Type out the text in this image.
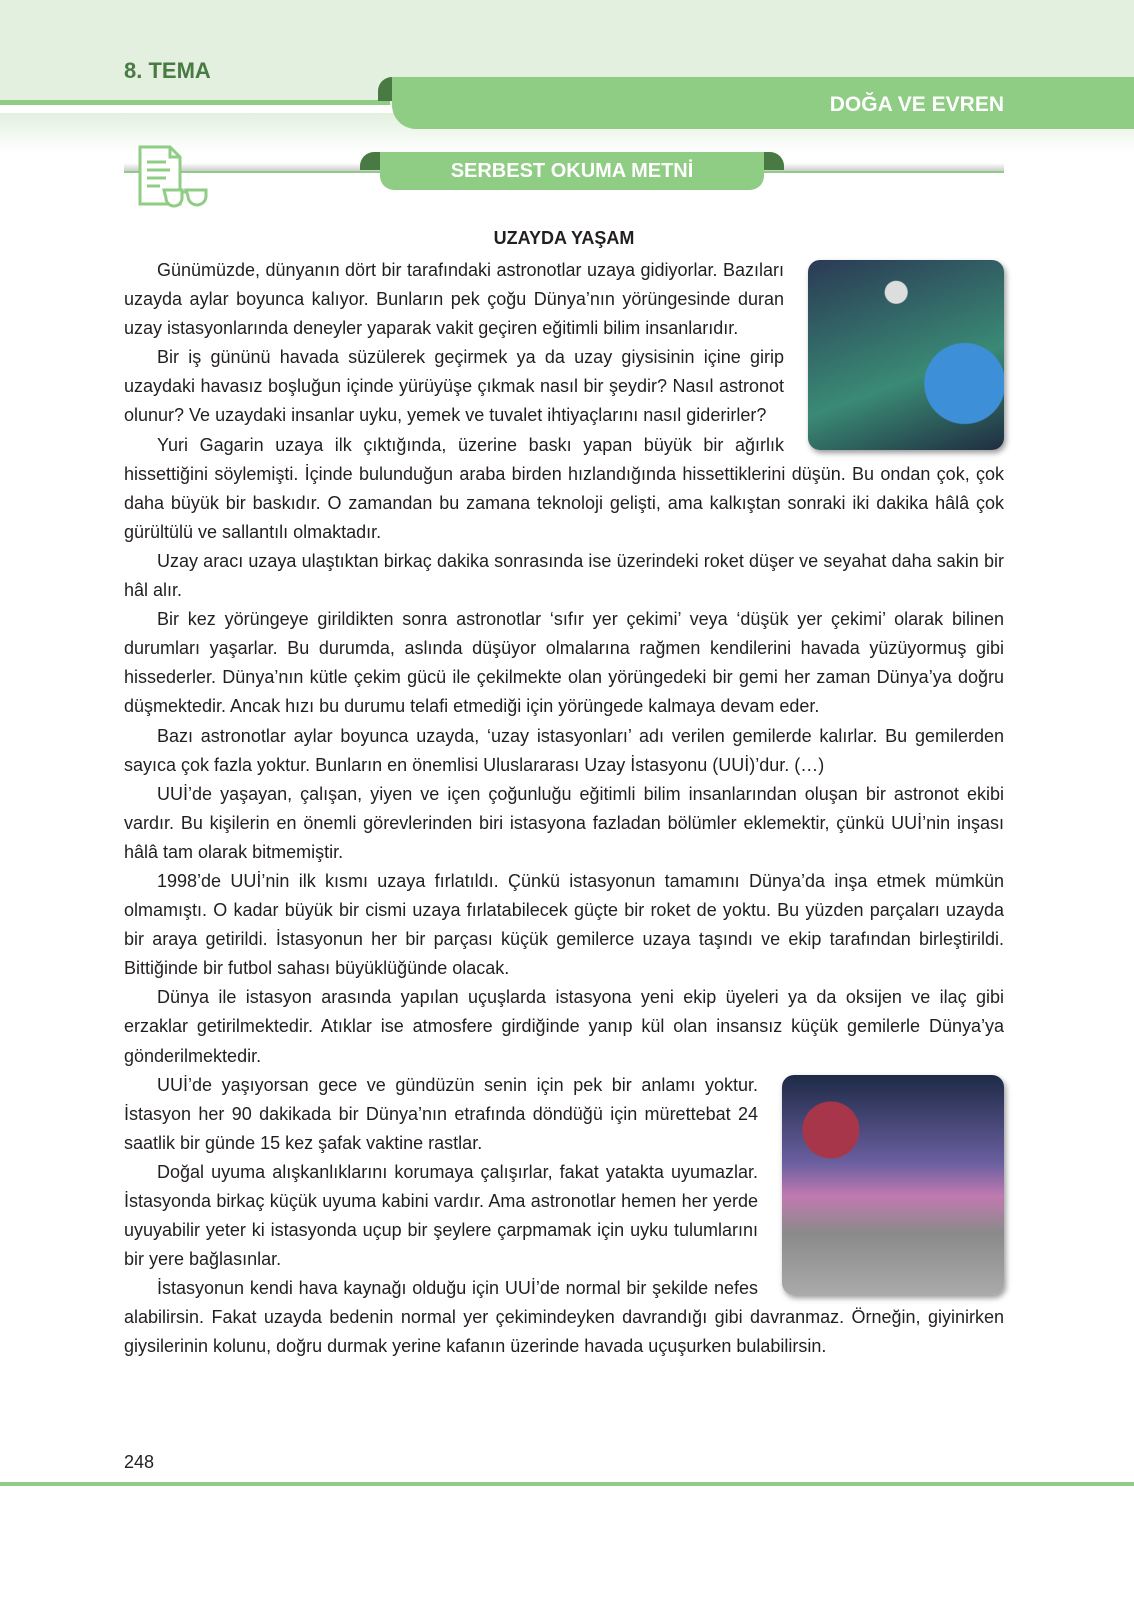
8. TEMA
DOĞA VE EVREN
SERBEST OKUMA METNİ
UZAYDA YAŞAM

Günümüzde, dünyanın dört bir tarafındaki astronotlar uzaya gidiyorlar. Bazıları uzayda aylar boyunca kalıyor. Bunların pek çoğu Dünya’nın yörüngesinde duran uzay istasyonlarında deneyler yaparak vakit geçiren eğitimli bilim insanlarıdır.

Bir iş gününü havada süzülerek geçirmek ya da uzay giysisinin içine girip uzaydaki havasız boşluğun içinde yürüyüşe çıkmak nasıl bir şeydir? Nasıl astronot olunur? Ve uzaydaki insanlar uyku, yemek ve tuvalet ihtiyaçlarını nasıl giderirler?

Yuri Gagarin uzaya ilk çıktığında, üzerine baskı yapan büyük bir ağırlık hissettiğini söylemişti. İçinde bulunduğun araba birden hızlandığında hissettiklerini düşün. Bu ondan çok, çok daha büyük bir baskıdır. O zamandan bu zamana teknoloji gelişti, ama kalkıştan sonraki iki dakika hâlâ çok gürültülü ve sallantılı olmaktadır.

Uzay aracı uzaya ulaştıktan birkaç dakika sonrasında ise üzerindeki roket düşer ve seyahat daha sakin bir hâl alır.

Bir kez yörüngeye girildikten sonra astronotlar ‘sıfır yer çekimi’ veya ‘düşük yer çekimi’ olarak bilinen durumları yaşarlar. Bu durumda, aslında düşüyor olmalarına rağmen kendilerini havada yüzüyormuş gibi hissederler. Dünya’nın kütle çekim gücü ile çekilmekte olan yörüngedeki bir gemi her zaman Dünya’ya doğru düşmektedir. Ancak hızı bu durumu telafi etmediği için yörüngede kalmaya devam eder.

Bazı astronotlar aylar boyunca uzayda, ‘uzay istasyonları’ adı verilen gemilerde kalırlar. Bu gemilerden sayıca çok fazla yoktur. Bunların en önemlisi Uluslararası Uzay İstasyonu (UUİ)’dur. (…)

UUİ’de yaşayan, çalışan, yiyen ve içen çoğunluğu eğitimli bilim insanlarından oluşan bir astronot ekibi vardır. Bu kişilerin en önemli görevlerinden biri istasyona fazladan bölümler eklemektir, çünkü UUİ’nin inşası hâlâ tam olarak bitmemiştir.

1998’de UUİ’nin ilk kısmı uzaya fırlatıldı. Çünkü istasyonun tamamını Dünya’da inşa etmek mümkün olmamıştı. O kadar büyük bir cismi uzaya fırlatabilecek güçte bir roket de yoktu. Bu yüzden parçaları uzayda bir araya getirildi. İstasyonun her bir parçası küçük gemilerce uzaya taşındı ve ekip tarafından birleştirildi. Bittiğinde bir futbol sahası büyüklüğünde olacak.

Dünya ile istasyon arasında yapılan uçuşlarda istasyona yeni ekip üyeleri ya da oksijen ve ilaç gibi erzaklar getirilmektedir. Atıklar ise atmosfere girdiğinde yanıp kül olan insansız küçük gemilerle Dünya’ya gönderilmektedir.

UUİ’de yaşıyorsan gece ve gündüzün senin için pek bir anlamı yoktur. İstasyon her 90 dakikada bir Dünya’nın etrafında döndüğü için mürettebat 24 saatlik bir günde 15 kez şafak vaktine rastlar.

Doğal uyuma alışkanlıklarını korumaya çalışırlar, fakat yatakta uyumazlar. İstasyonda birkaç küçük uyuma kabini vardır. Ama astronotlar hemen her yerde uyuyabilir yeter ki istasyonda uçup bir şeylere çarpmamak için uyku tulumlarını bir yere bağlasınlar.

İstasyonun kendi hava kaynağı olduğu için UUİ’de normal bir şekilde nefes alabilirsin. Fakat uzayda bedenin normal yer çekimindeyken davrandığı gibi davranmaz. Örneğin, giyinirken giysilerinin kolunu, doğru durmak yerine kafanın üzerinde havada uçuşurken bulabilirsin.

248
